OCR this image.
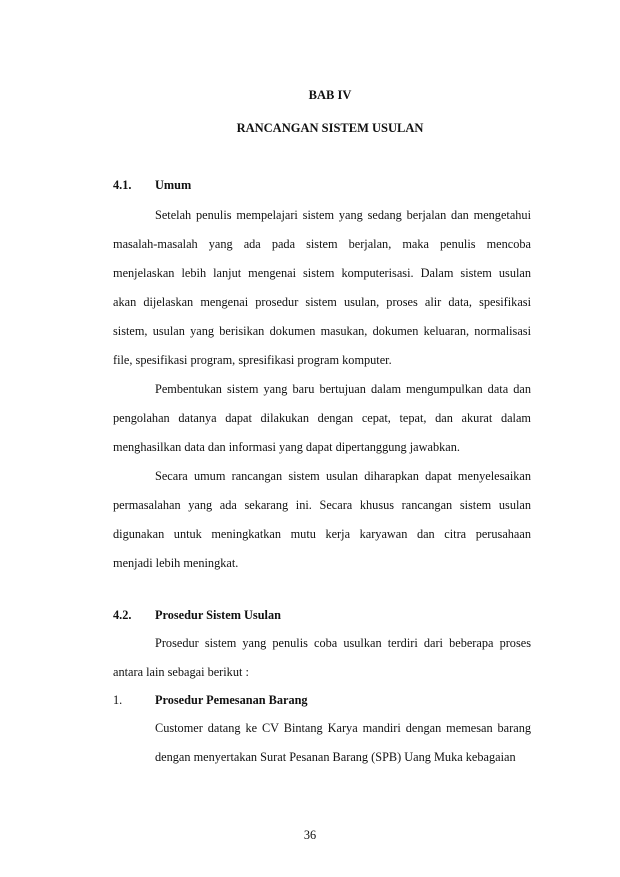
BAB IV
RANCANGAN SISTEM USULAN
4.1.	Umum
Setelah penulis mempelajari sistem yang sedang berjalan dan mengetahui
masalah-masalah yang ada pada sistem berjalan, maka penulis mencoba
menjelaskan lebih lanjut mengenai sistem komputerisasi. Dalam sistem usulan
akan dijelaskan mengenai prosedur sistem usulan, proses alir data, spesifikasi
sistem, usulan yang berisikan dokumen masukan, dokumen keluaran, normalisasi
file, spesifikasi program, spresifikasi program komputer.
Pembentukan sistem yang baru bertujuan dalam mengumpulkan data dan
pengolahan datanya dapat dilakukan dengan cepat, tepat, dan akurat dalam
menghasilkan data dan informasi yang dapat dipertanggung jawabkan.
Secara umum rancangan sistem usulan diharapkan dapat menyelesaikan
permasalahan yang ada sekarang ini. Secara khusus rancangan sistem usulan
digunakan untuk meningkatkan mutu kerja karyawan dan citra perusahaan
menjadi lebih meningkat.
4.2.	Prosedur Sistem Usulan
Prosedur sistem yang penulis coba usulkan terdiri dari beberapa proses
antara lain sebagai berikut :
1.	Prosedur Pemesanan Barang
Customer datang ke CV Bintang Karya mandiri dengan memesan barang
dengan menyertakan Surat Pesanan Barang (SPB) Uang Muka kebagaian
36
